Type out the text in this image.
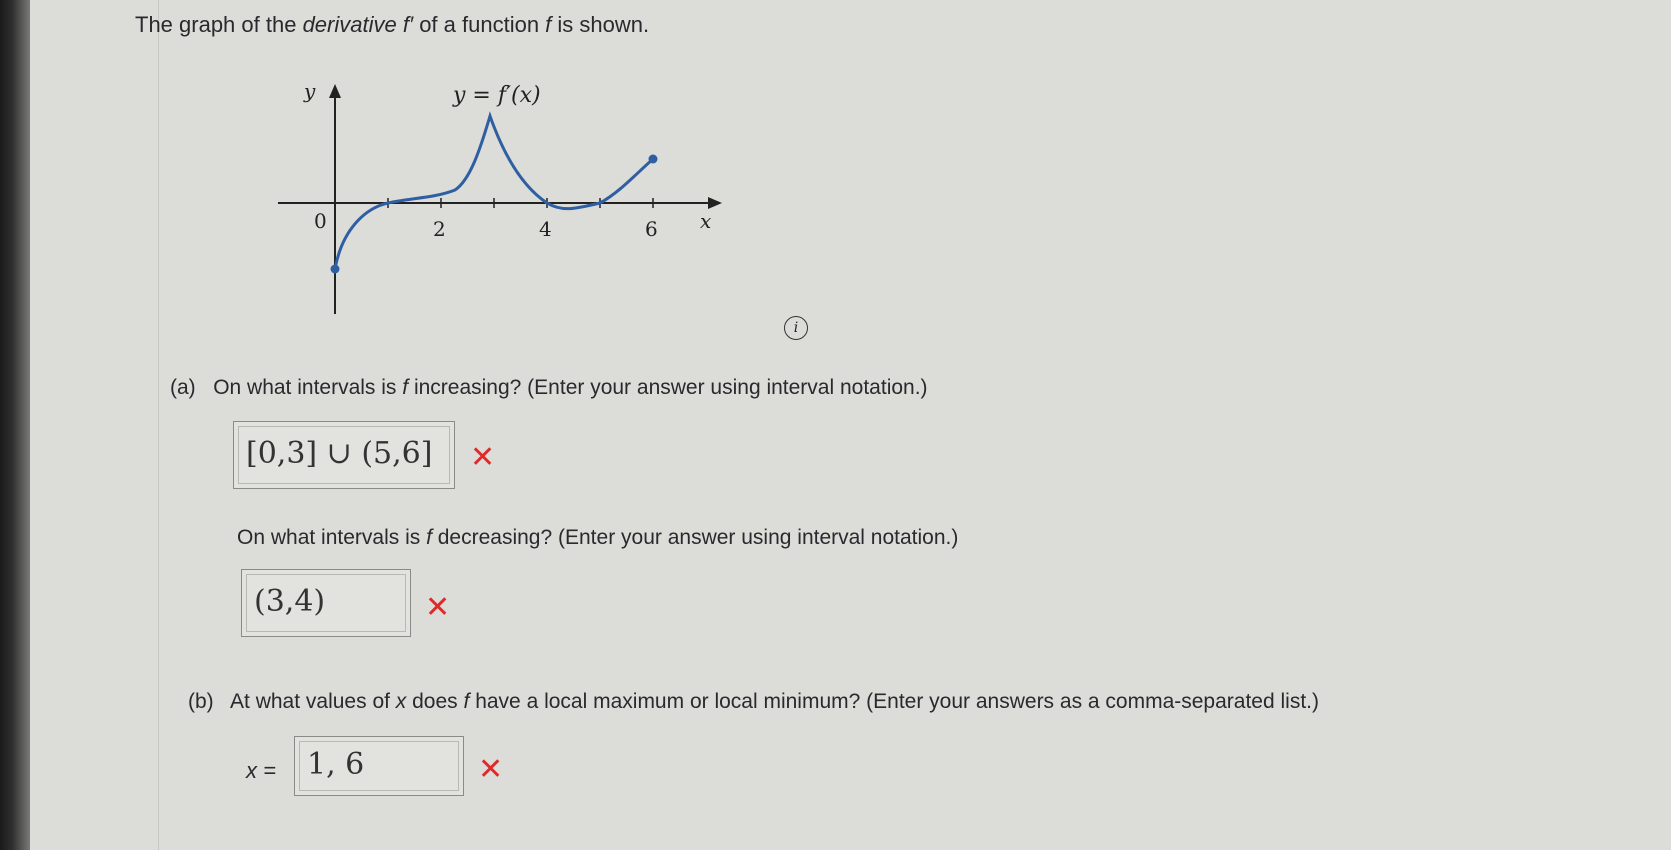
The graph of the derivative f′ of a function f is shown.
y
x
y = f′(x)
0	2	4	6
i
(a) On what intervals is f increasing? (Enter your answer using interval notation.)
[0,3] ∪ (5,6]	✕
On what intervals is f decreasing? (Enter your answer using interval notation.)
(3,4)	✕
(b) At what values of x does f have a local maximum or local minimum? (Enter your answers as a comma-separated list.)
x =	1, 6	✕
